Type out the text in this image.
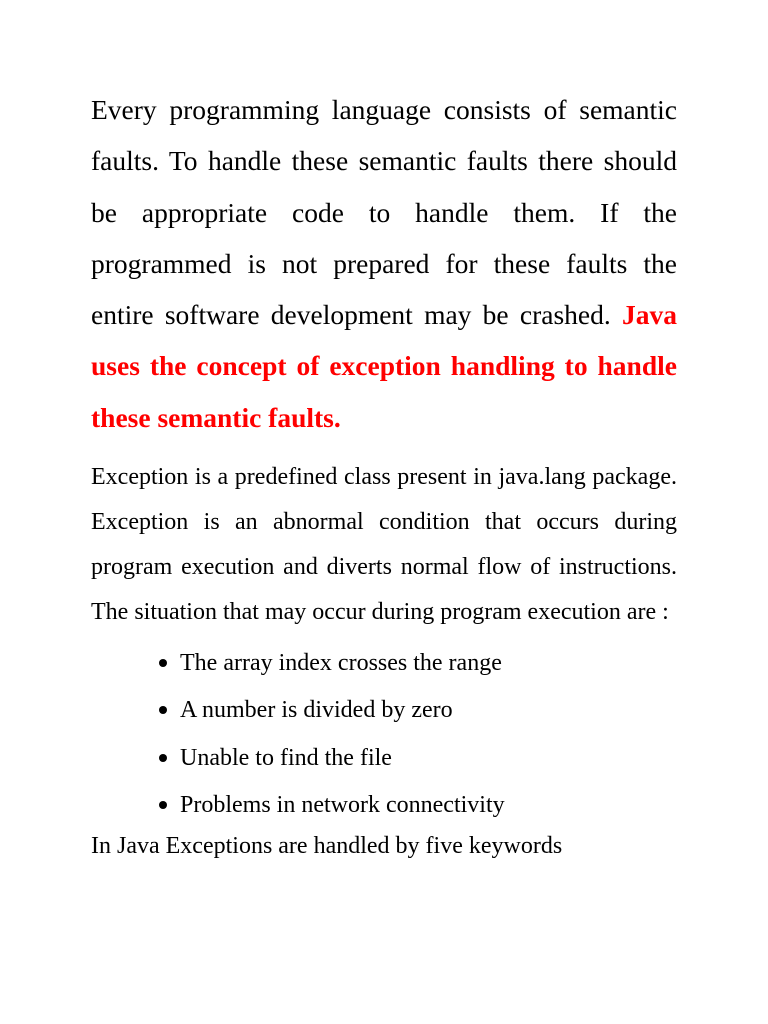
Every programming language consists of semantic faults. To handle these semantic faults there should be appropriate code to handle them. If the programmed is not prepared for these faults the entire software development may be crashed. Java uses the concept of exception handling to handle these semantic faults.

Exception is a predefined class present in java.lang package. Exception is an abnormal condition that occurs during program execution and diverts normal flow of instructions. The situation that may occur during program execution are :

The array index crosses the range
A number is divided by zero
Unable to find the file
Problems in network connectivity

In Java Exceptions are handled by five keywords
